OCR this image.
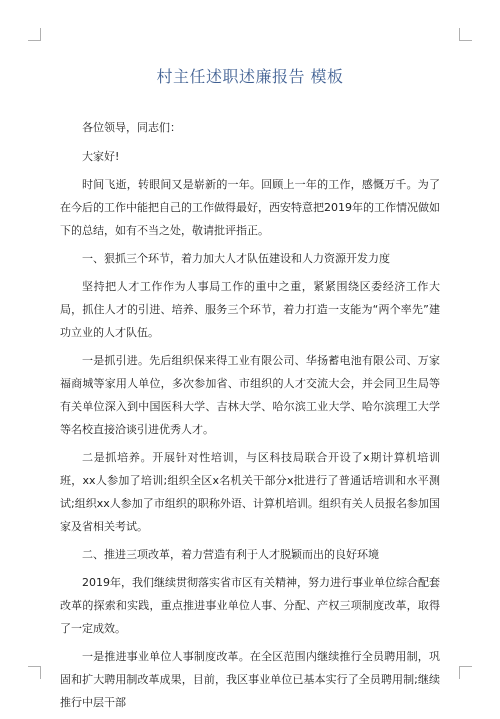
村主任述职述廉报告 模板

各位领导，同志们：

大家好!

时间飞逝，转眼间又是崭新的一年。回顾上一年的工作，感慨万千。为了在今后的工作中能把自己的工作做得最好，西安特意把2019年的工作情况做如下的总结，如有不当之处，敬请批评指正。

一、狠抓三个环节，着力加大人才队伍建设和人力资源开发力度

坚持把人才工作作为人事局工作的重中之重，紧紧围绕区委经济工作大局，抓住人才的引进、培养、服务三个环节，着力打造一支能为“两个率先”建功立业的人才队伍。

一是抓引进。先后组织保来得工业有限公司、华扬蓄电池有限公司、万家福商城等家用人单位，多次参加省、市组织的人才交流大会，并会同卫生局等有关单位深入到中国医科大学、吉林大学、哈尔滨工业大学、哈尔滨理工大学等名校直接洽谈引进优秀人才。

二是抓培养。开展针对性培训，与区科技局联合开设了x期计算机培训班，xx人参加了培训;组织全区x名机关干部分x批进行了普通话培训和水平测试;组织xx人参加了市组织的职称外语、计算机培训。组织有关人员报名参加国家及省相关考试。

二、推进三项改革，着力营造有利于人才脱颖而出的良好环境

2019年，我们继续贯彻落实省市区有关精神，努力进行事业单位综合配套改革的探索和实践，重点推进事业单位人事、分配、产权三项制度改革，取得了一定成效。

一是推进事业单位人事制度改革。在全区范围内继续推行全员聘用制，巩固和扩大聘用制改革成果，目前，我区事业单位已基本实行了全员聘用制;继续推行中层干部
